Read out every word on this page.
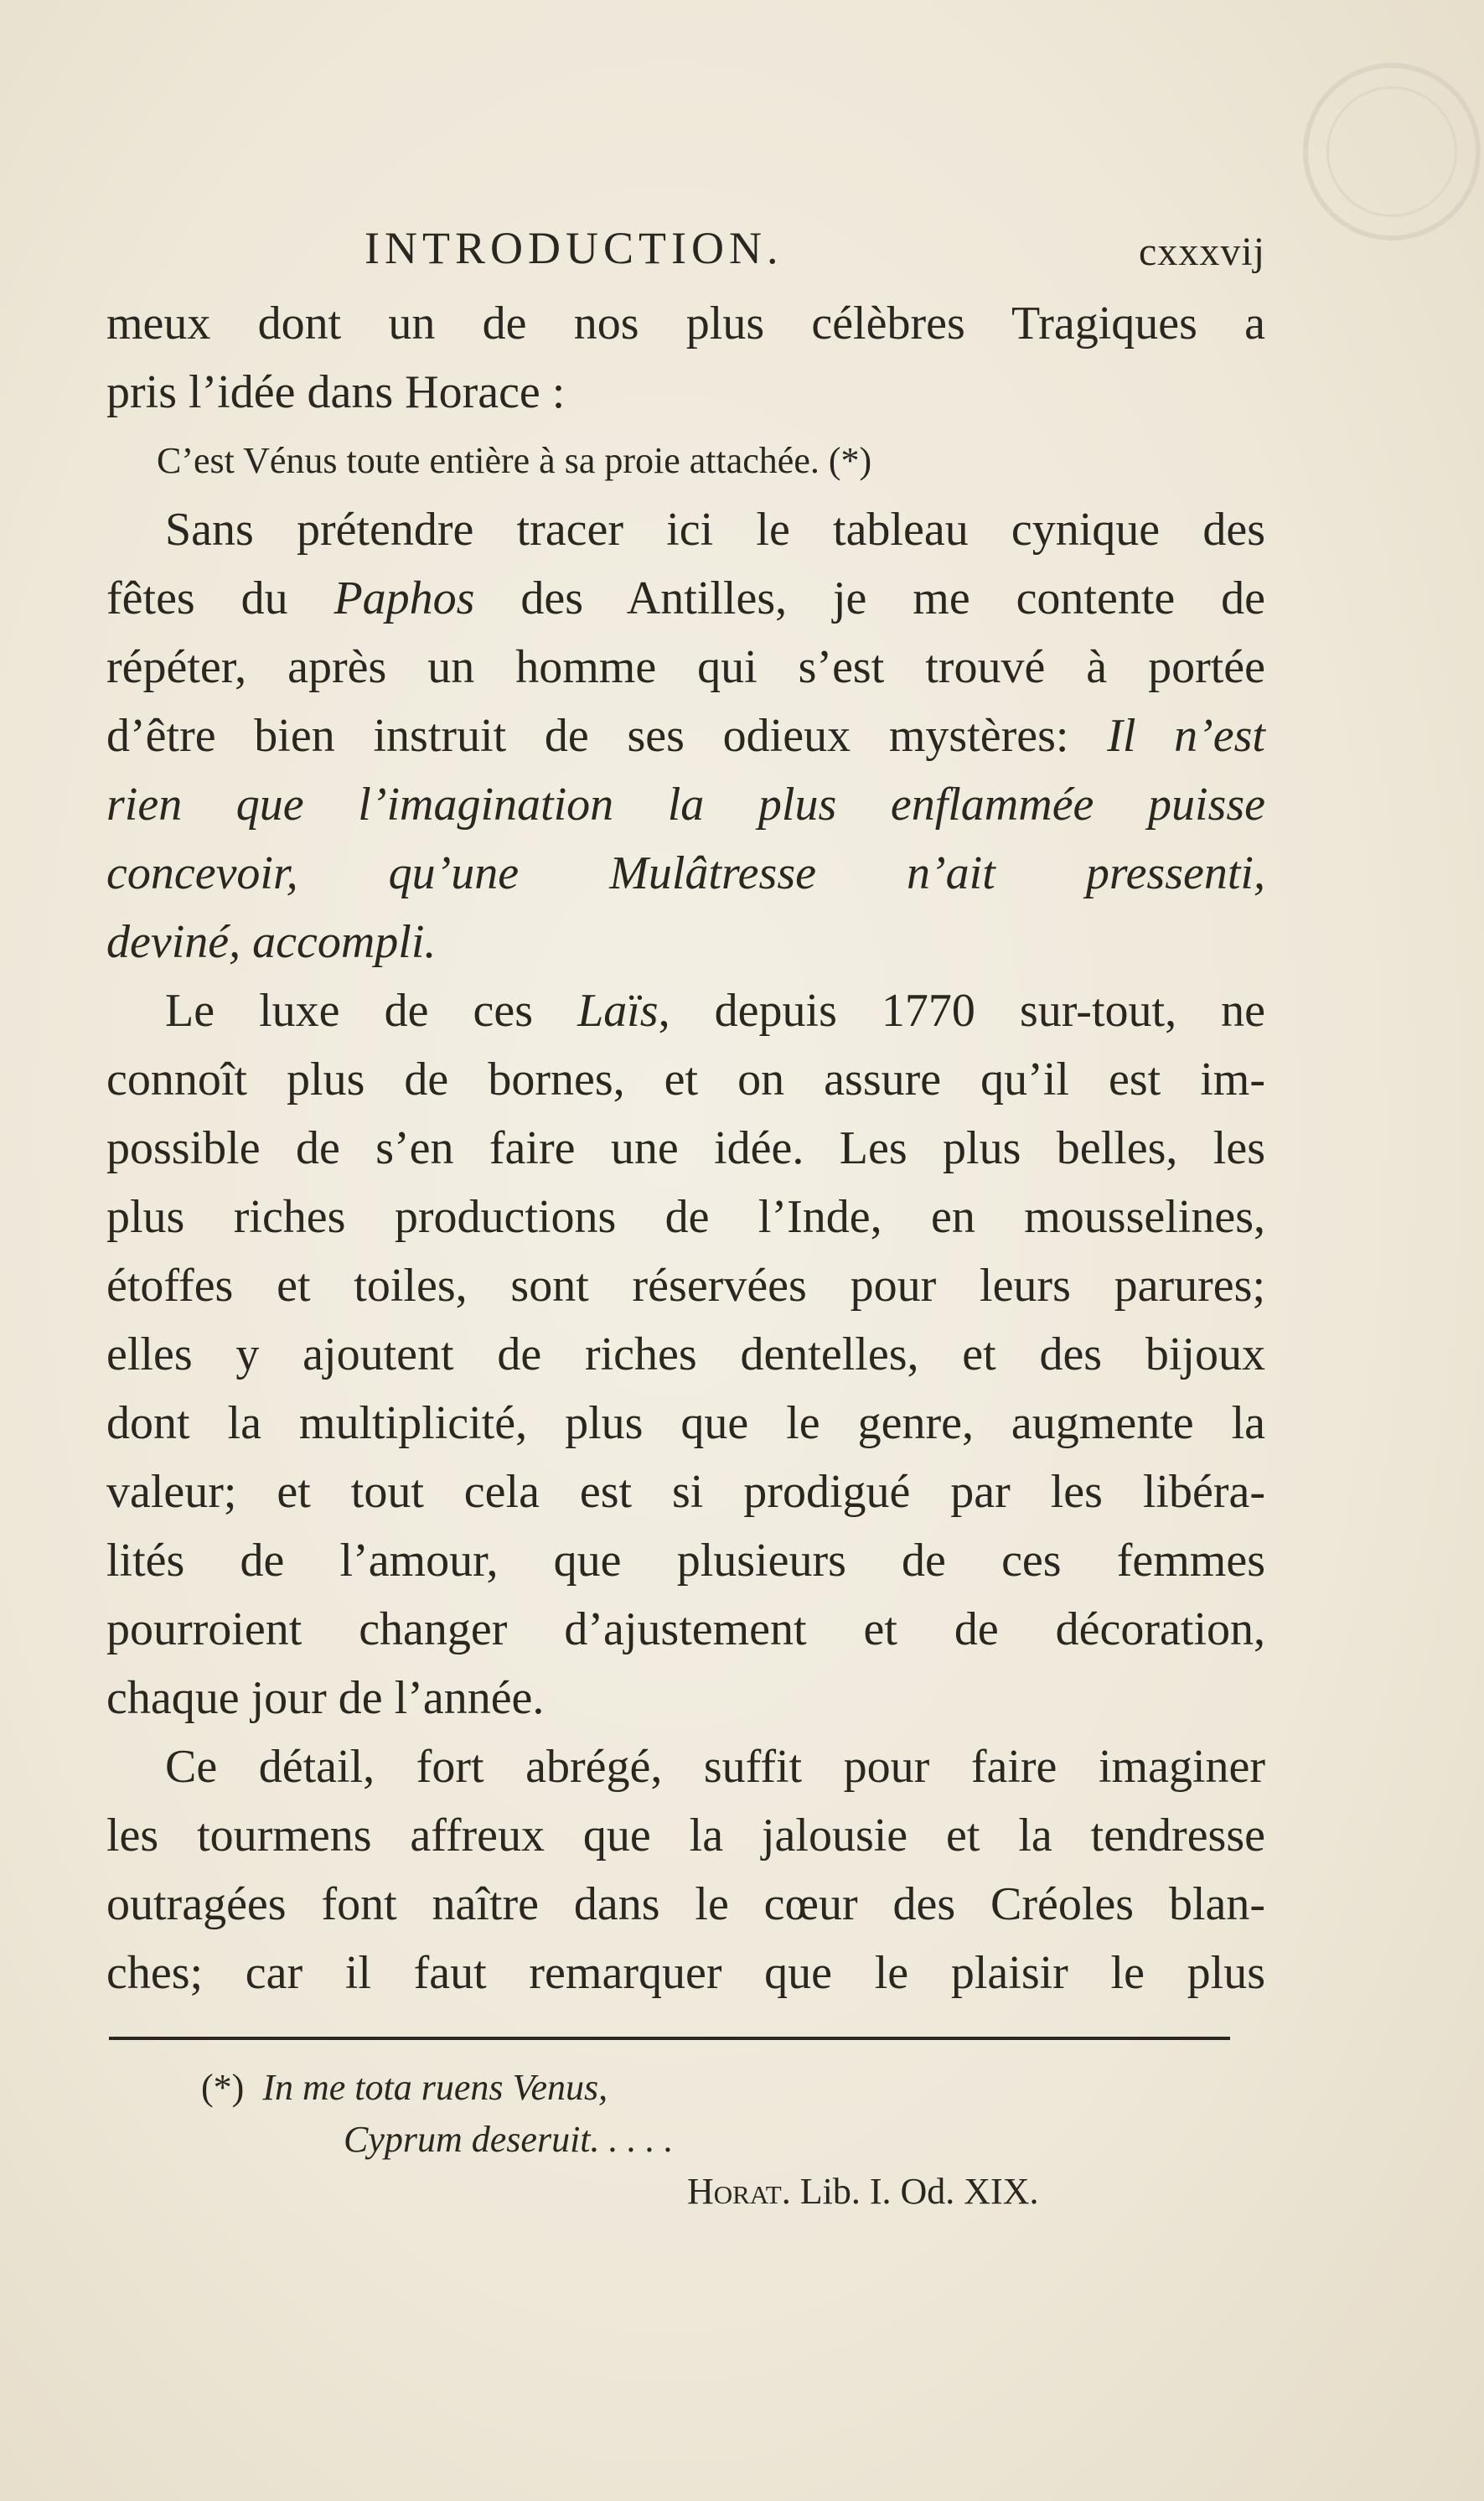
INTRODUCTION.	cxxxvij
meux dont un de nos plus célèbres Tragiques a
pris l’idée dans Horace :
C’est Vénus toute entière à sa proie attachée. (*)
Sans prétendre tracer ici le tableau cynique des
fêtes du Paphos des Antilles, je me contente de
répéter, après un homme qui s’est trouvé à portée
d’être bien instruit de ses odieux mystères: Il n’est
rien que l’imagination la plus enflammée puisse
concevoir, qu’une Mulâtresse n’ait pressenti,
deviné, accompli.
Le luxe de ces Laïs, depuis 1770 sur-tout, ne
connoît plus de bornes, et on assure qu’il est im-
possible de s’en faire une idée. Les plus belles, les
plus riches productions de l’Inde, en mousselines,
étoffes et toiles, sont réservées pour leurs parures;
elles y ajoutent de riches dentelles, et des bijoux
dont la multiplicité, plus que le genre, augmente la
valeur; et tout cela est si prodigué par les libéra-
lités de l’amour, que plusieurs de ces femmes
pourroient changer d’ajustement et de décoration,
chaque jour de l’année.
Ce détail, fort abrégé, suffit pour faire imaginer
les tourmens affreux que la jalousie et la tendresse
outragées font naître dans le cœur des Créoles blan-
ches; car il faut remarquer que le plaisir le plus
(*) In me tota ruens Venus,
Cyprum deseruit. . . . .
Horat. Lib. I. Od. XIX.
